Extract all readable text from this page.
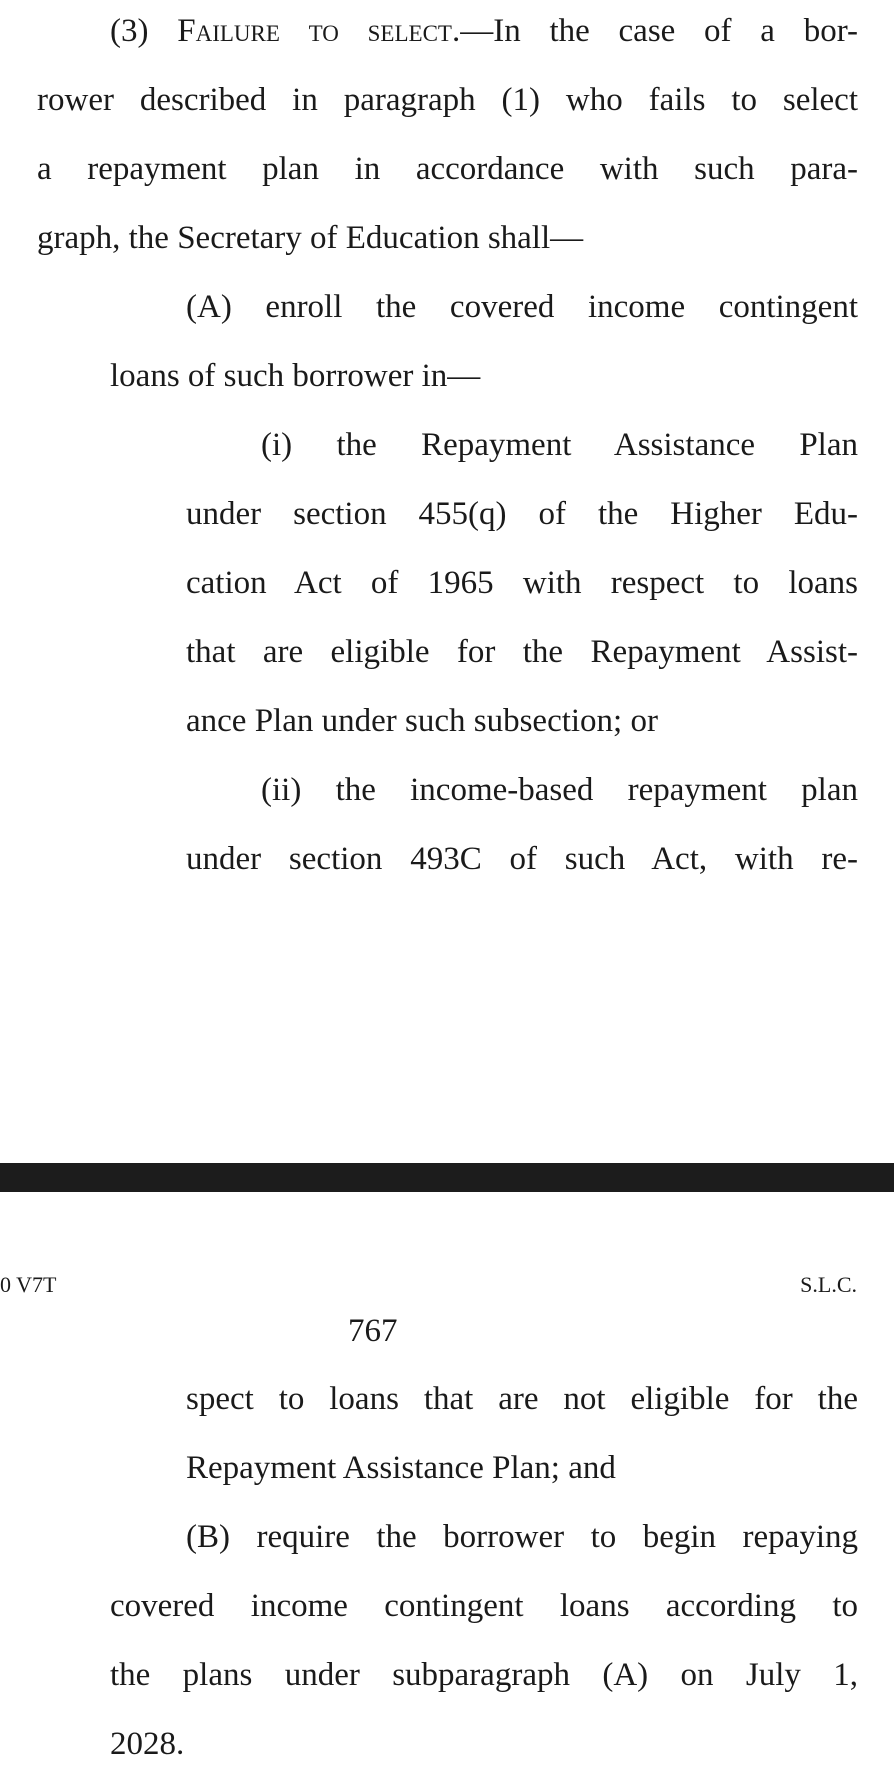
(3) Failure to select.—In the case of a bor-

rower described in paragraph (1) who fails to select

a repayment plan in accordance with such para-

graph, the Secretary of Education shall—

(A) enroll the covered income contingent

loans of such borrower in—

(i) the Repayment Assistance Plan

under section 455(q) of the Higher Edu-

cation Act of 1965 with respect to loans

that are eligible for the Repayment Assist-

ance Plan under such subsection; or

(ii) the income-based repayment plan

under section 493C of such Act, with re-

0 V7T	S.L.C.

767

spect to loans that are not eligible for the

Repayment Assistance Plan; and

(B) require the borrower to begin repaying

covered income contingent loans according to

the plans under subparagraph (A) on July 1,

2028.
